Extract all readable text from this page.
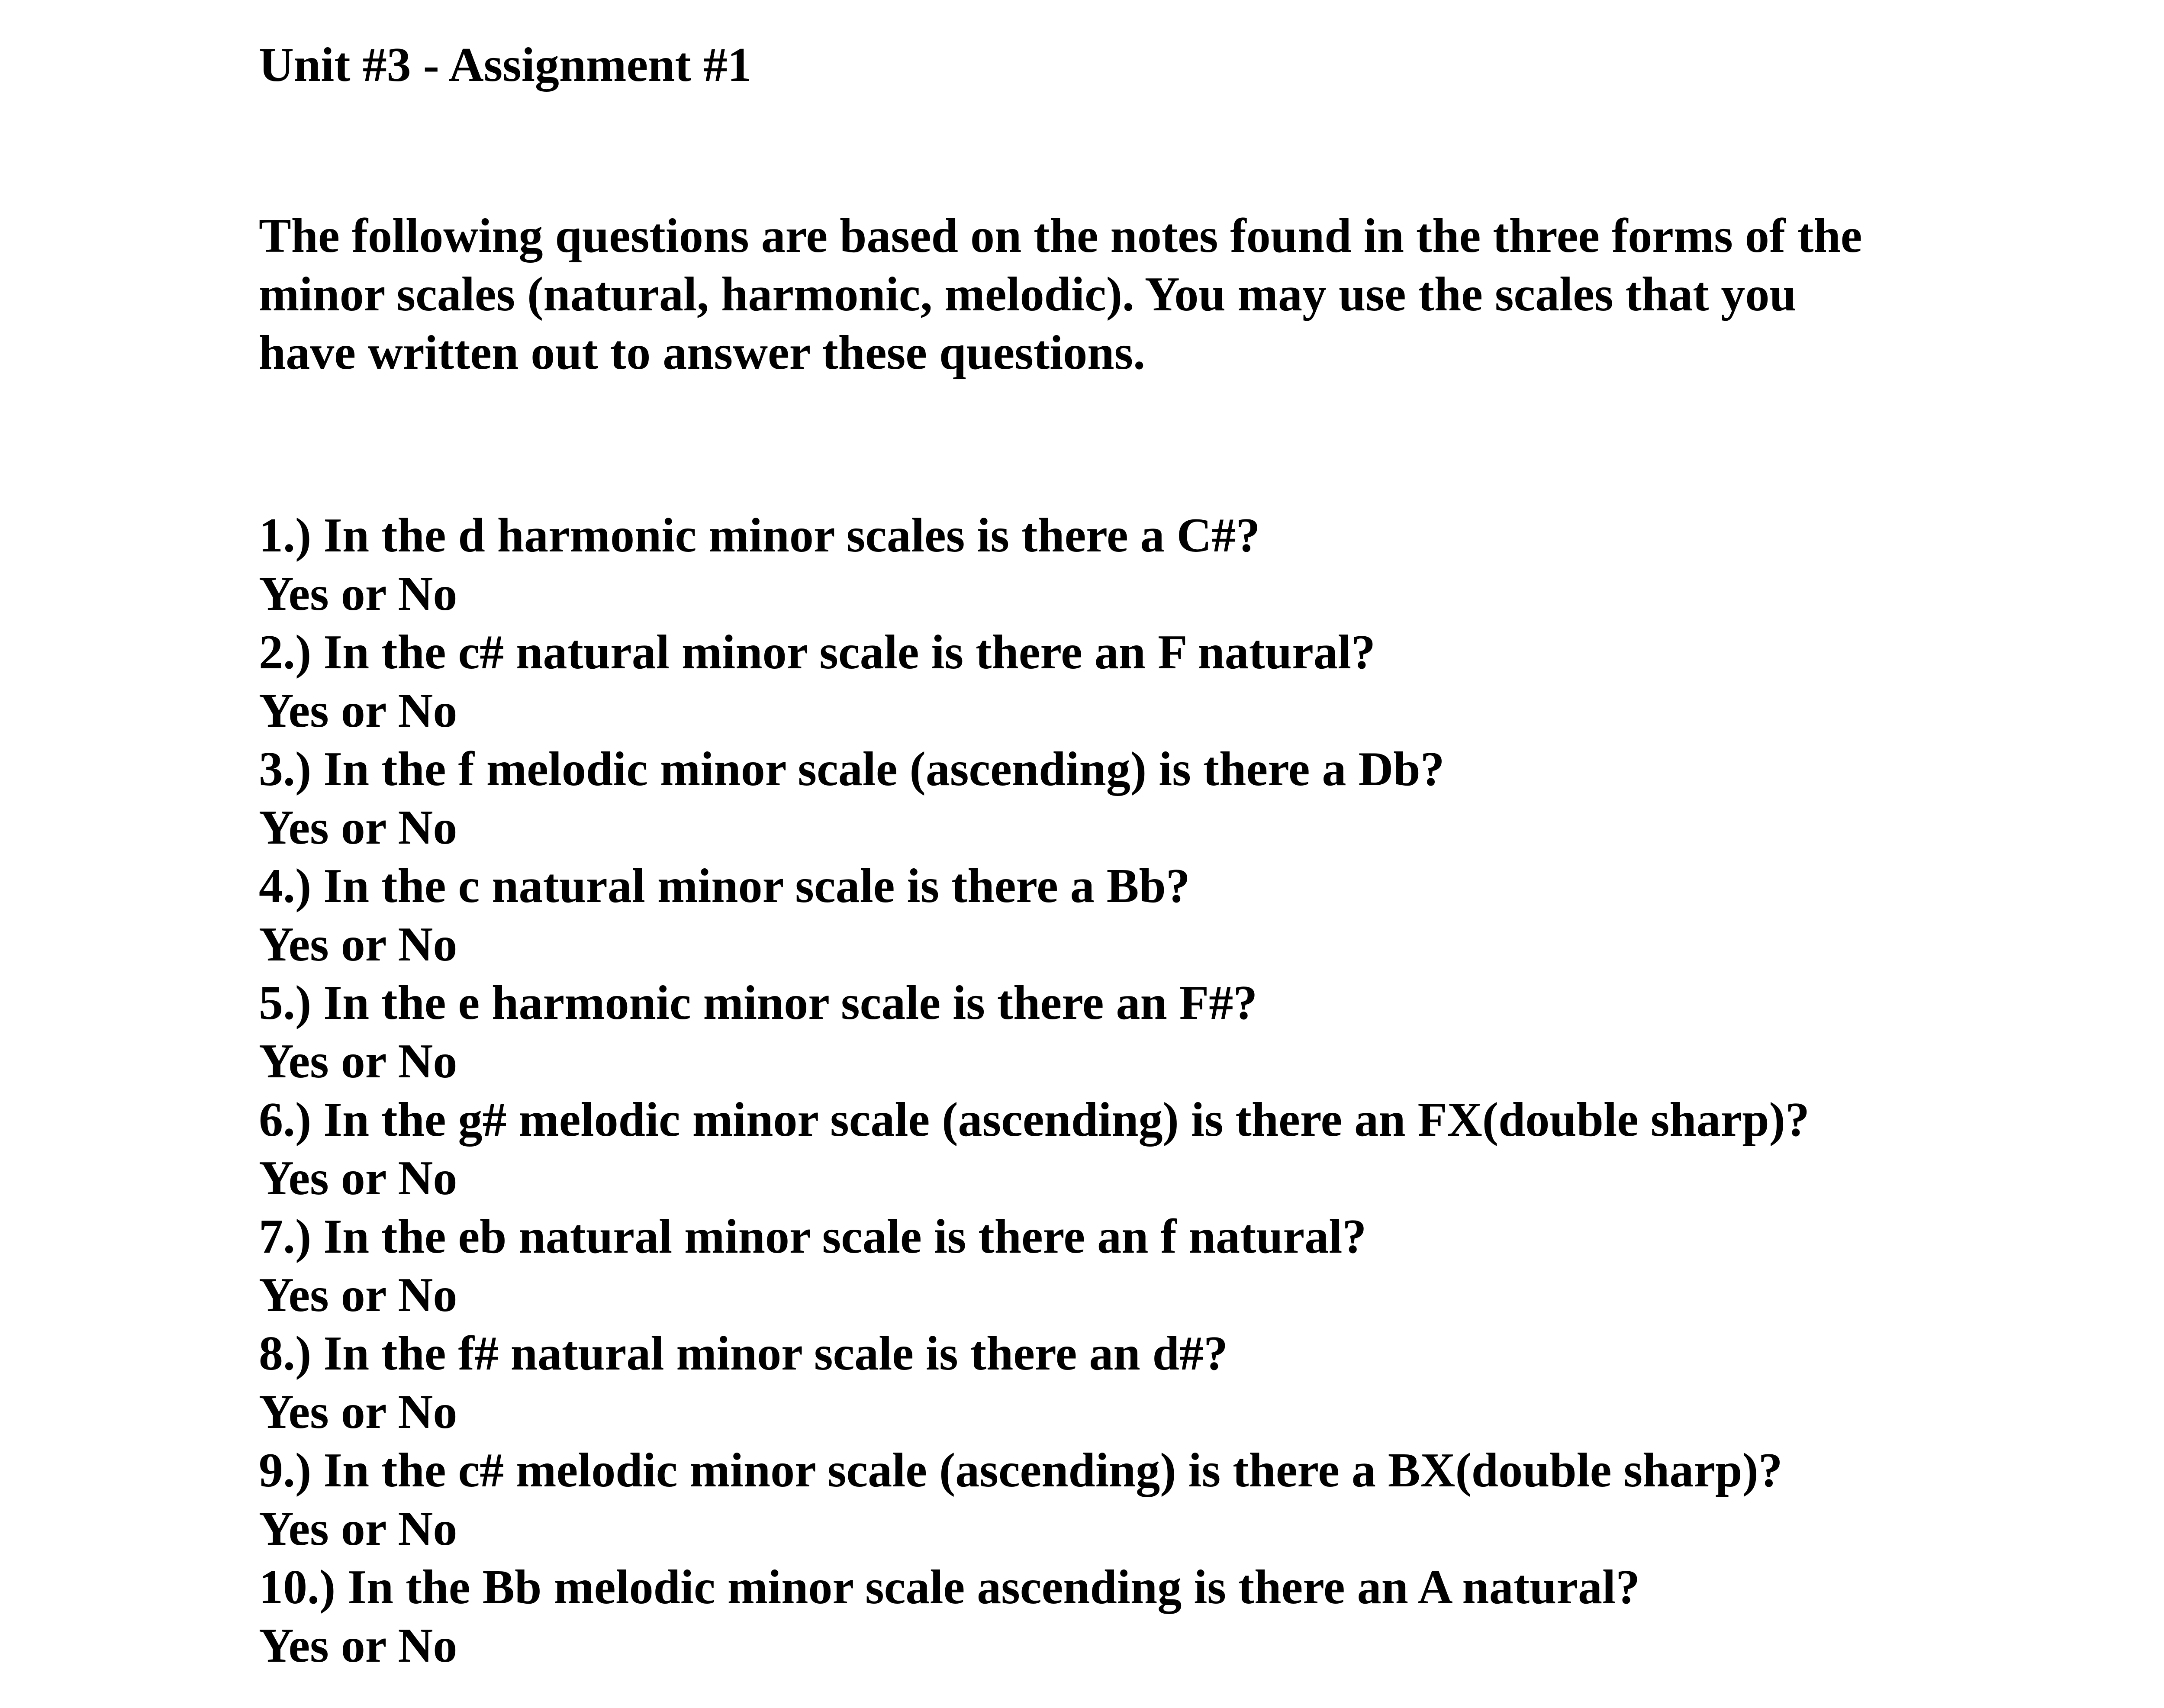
Unit #3 - Assignment #1
The following questions are based on the notes found in the three forms of the
minor scales (natural, harmonic, melodic). You may use the scales that you
have written out to answer these questions.
1.) In the d harmonic minor scales is there a C#?
Yes or No
2.) In the c# natural minor scale is there an F natural?
Yes or No
3.) In the f melodic minor scale (ascending) is there a Db?
Yes or No
4.) In the c natural minor scale is there a Bb?
Yes or No
5.) In the e harmonic minor scale is there an F#?
Yes or No
6.) In the g# melodic minor scale (ascending) is there an FX(double sharp)?
Yes or No
7.) In the eb natural minor scale is there an f natural?
Yes or No
8.) In the f# natural minor scale is there an d#?
Yes or No
9.) In the c# melodic minor scale (ascending) is there a BX(double sharp)?
Yes or No
10.) In the Bb melodic minor scale ascending is there an A natural?
Yes or No
